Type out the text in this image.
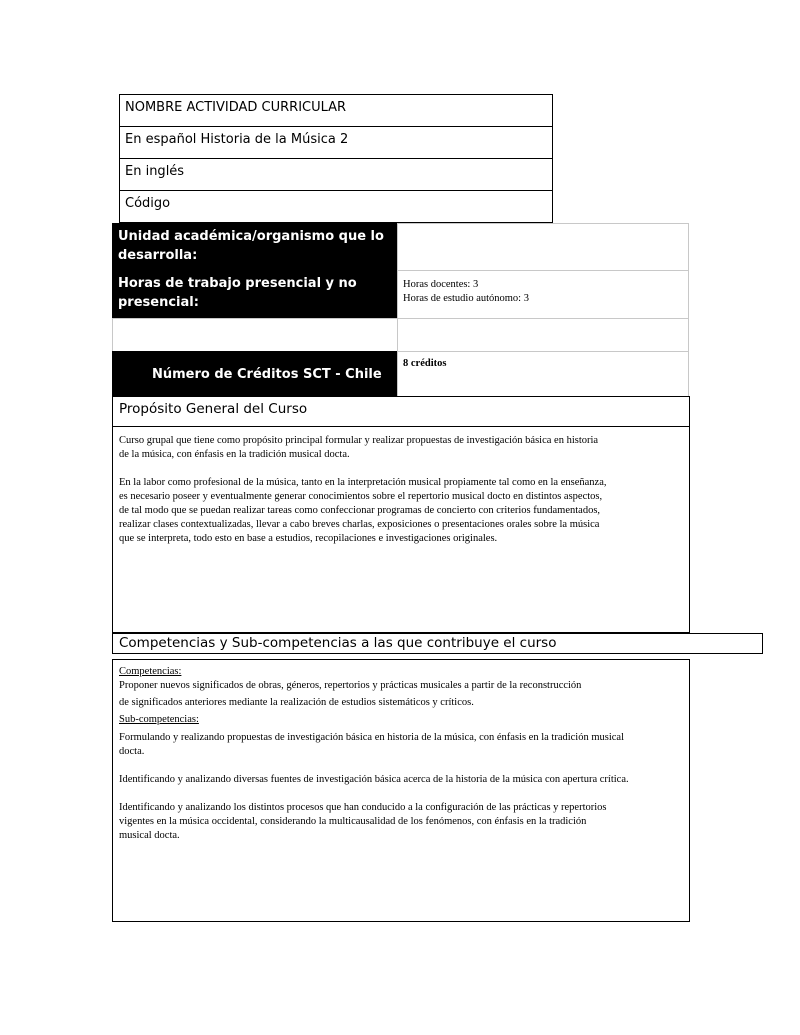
NOMBRE ACTIVIDAD CURRICULAR
En español Historia de la Música 2
En inglés
Código
Unidad académica/organismo que lo desarrolla:
Horas de trabajo presencial y no presencial:
Horas docentes: 3
Horas de estudio autónomo: 3
Número de Créditos SCT - Chile
8 créditos
Propósito General del Curso

Curso grupal que tiene como propósito principal formular y realizar propuestas de investigación básica en historia
de la música, con énfasis en la tradición musical docta.

En la labor como profesional de la música, tanto en la interpretación musical propiamente tal como en la enseñanza,
es necesario poseer y eventualmente generar conocimientos sobre el repertorio musical docto en distintos aspectos,
de tal modo que se puedan realizar tareas como confeccionar programas de concierto con criterios fundamentados,
realizar clases contextualizadas, llevar a cabo breves charlas, exposiciones o presentaciones orales sobre la música
que se interpreta, todo esto en base a estudios, recopilaciones e investigaciones originales.

Competencias y Sub-competencias a las que contribuye el curso
Competencias:
Proponer nuevos significados de obras, géneros, repertorios y prácticas musicales a partir de la reconstrucción
de significados anteriores mediante la realización de estudios sistemáticos y críticos.
Sub-competencias:

Formulando y realizando propuestas de investigación básica en historia de la música, con énfasis en la tradición musical
docta.

Identificando y analizando diversas fuentes de investigación básica acerca de la historia de la música con apertura crítica.

Identificando y analizando los distintos procesos que han conducido a la configuración de las prácticas y repertorios
vigentes en la música occidental, considerando la multicausalidad de los fenómenos, con énfasis en la tradición
musical docta.
